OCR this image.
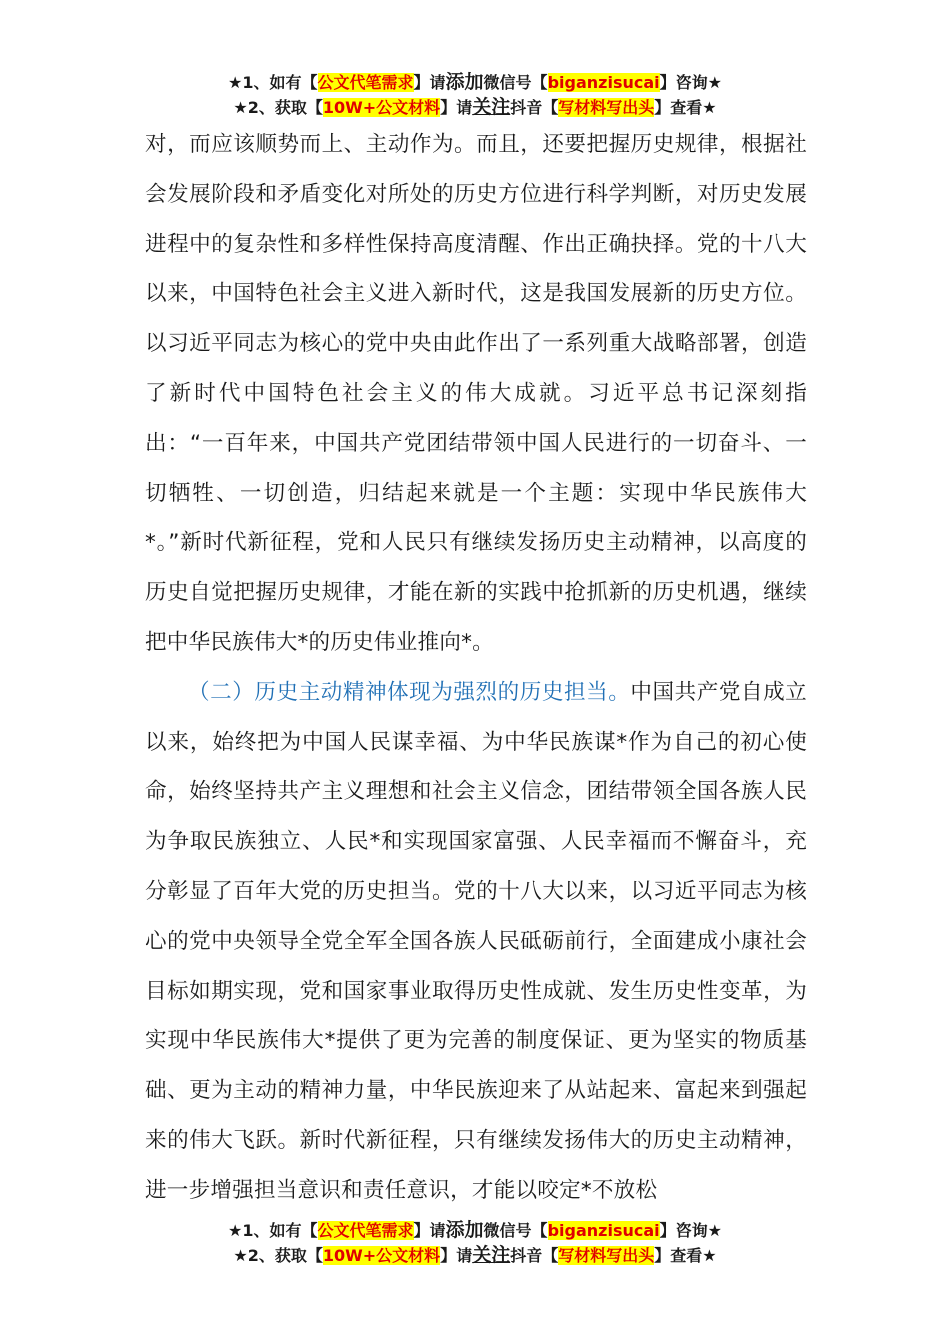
★1、如有【公文代笔需求】请添加微信号【biganzisucai】咨询★
★2、获取【10W+公文材料】请关注抖音【写材料写出头】查看★

对，而应该顺势而上、主动作为。而且，还要把握历史规律，根据社会发展阶段和矛盾变化对所处的历史方位进行科学判断，对历史发展进程中的复杂性和多样性保持高度清醒、作出正确抉择。党的十八大以来，中国特色社会主义进入新时代，这是我国发展新的历史方位。以习近平同志为核心的党中央由此作出了一系列重大战略部署，创造了新时代中国特色社会主义的伟大成就。习近平总书记深刻指出：“一百年来，中国共产党团结带领中国人民进行的一切奋斗、一切牺牲、一切创造，归结起来就是一个主题：实现中华民族伟大*。”新时代新征程，党和人民只有继续发扬历史主动精神，以高度的历史自觉把握历史规律，才能在新的实践中抢抓新的历史机遇，继续把中华民族伟大*的历史伟业推向*。

（二）历史主动精神体现为强烈的历史担当。中国共产党自成立以来，始终把为中国人民谋幸福、为中华民族谋*作为自己的初心使命，始终坚持共产主义理想和社会主义信念，团结带领全国各族人民为争取民族独立、人民*和实现国家富强、人民幸福而不懈奋斗，充分彰显了百年大党的历史担当。党的十八大以来，以习近平同志为核心的党中央领导全党全军全国各族人民砥砺前行，全面建成小康社会目标如期实现，党和国家事业取得历史性成就、发生历史性变革，为实现中华民族伟大*提供了更为完善的制度保证、更为坚实的物质基础、更为主动的精神力量，中华民族迎来了从站起来、富起来到强起来的伟大飞跃。新时代新征程，只有继续发扬伟大的历史主动精神，进一步增强担当意识和责任意识，才能以咬定*不放松

★1、如有【公文代笔需求】请添加微信号【biganzisucai】咨询★
★2、获取【10W+公文材料】请关注抖音【写材料写出头】查看★
